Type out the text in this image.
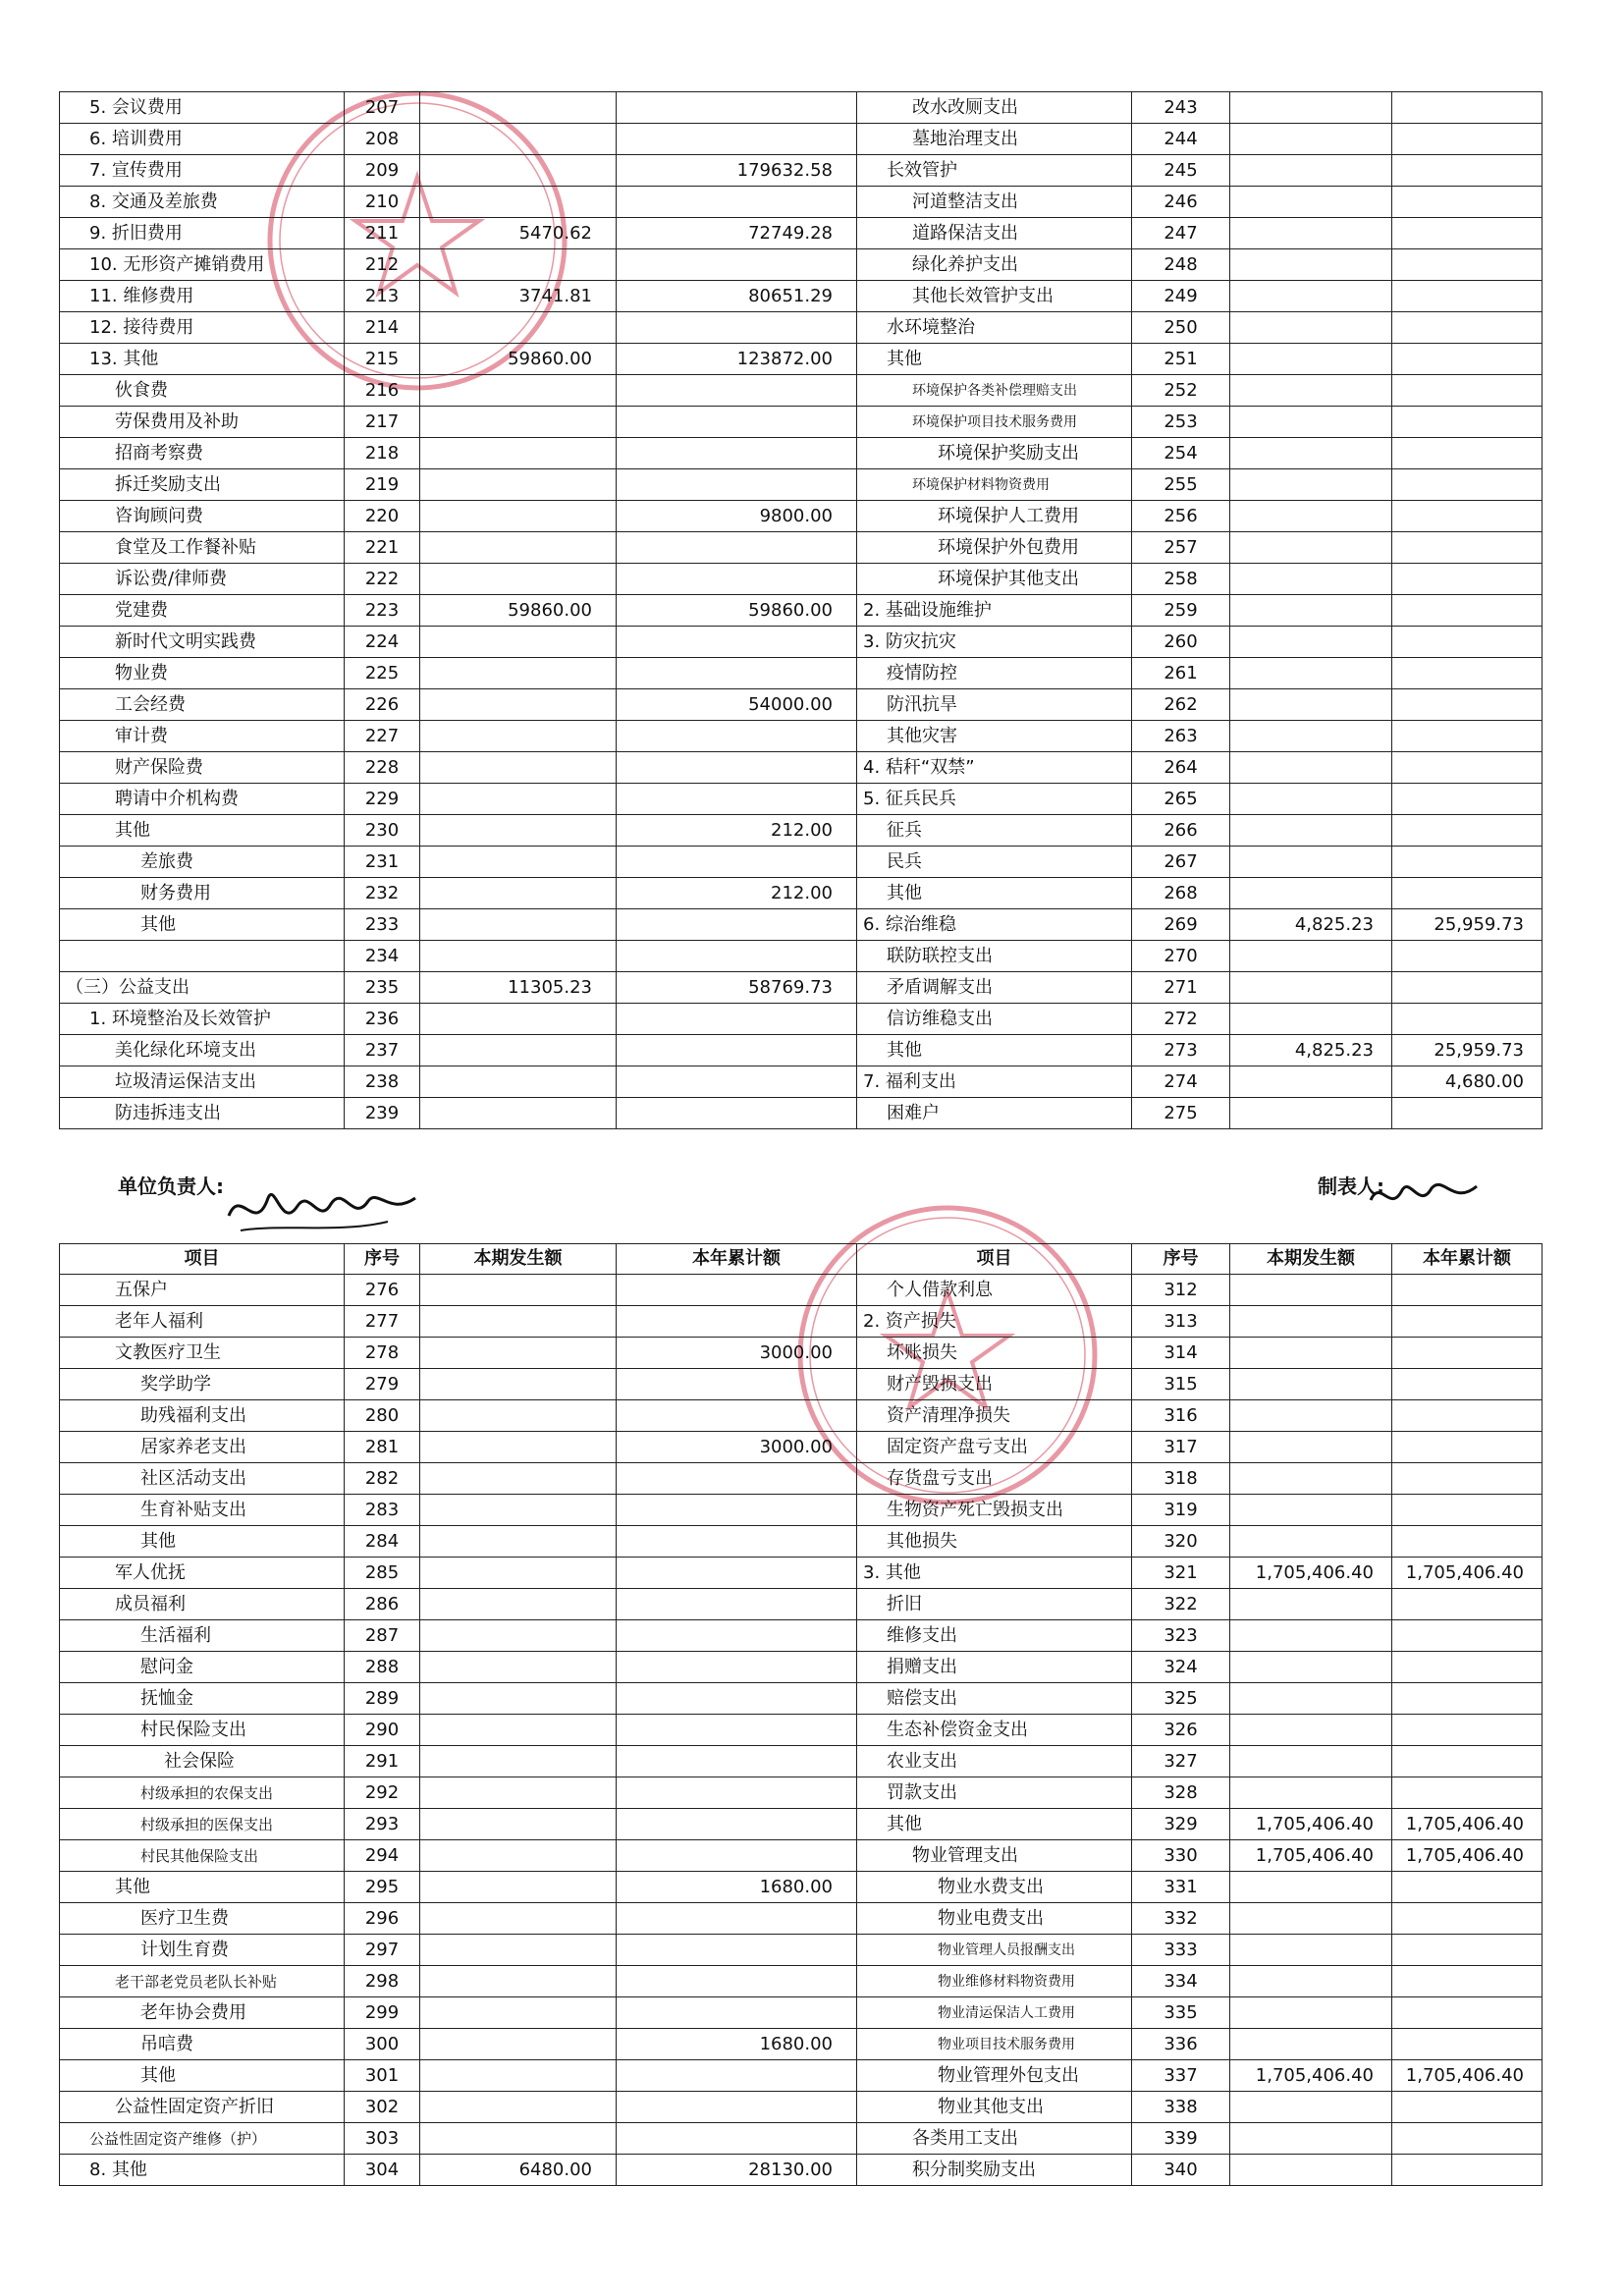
5. 会议费用	207			改水改厕支出	243		
6. 培训费用	208			墓地治理支出	244		
7. 宣传费用	209		179632.58	长效管护	245		
8. 交通及差旅费	210			河道整洁支出	246		
9. 折旧费用	211	5470.62	72749.28	道路保洁支出	247		
10. 无形资产摊销费用	212			绿化养护支出	248		
11. 维修费用	213	3741.81	80651.29	其他长效管护支出	249		
12. 接待费用	214			水环境整治	250		
13. 其他	215	59860.00	123872.00	其他	251		
伙食费	216			环境保护各类补偿理赔支出	252		
劳保费用及补助	217			环境保护项目技术服务费用	253		
招商考察费	218			环境保护奖励支出	254		
拆迁奖励支出	219			环境保护材料物资费用	255		
咨询顾问费	220		9800.00	环境保护人工费用	256		
食堂及工作餐补贴	221			环境保护外包费用	257		
诉讼费/律师费	222			环境保护其他支出	258		
党建费	223	59860.00	59860.00	2. 基础设施维护	259		
新时代文明实践费	224			3. 防灾抗灾	260		
物业费	225			疫情防控	261		
工会经费	226		54000.00	防汛抗旱	262		
审计费	227			其他灾害	263		
财产保险费	228			4. 秸秆“双禁”	264		
聘请中介机构费	229			5. 征兵民兵	265		
其他	230		212.00	征兵	266		
差旅费	231			民兵	267		
财务费用	232		212.00	其他	268		
其他	233			6. 综治维稳	269	4,825.23	25,959.73
	234			联防联控支出	270		
（三）公益支出	235	11305.23	58769.73	矛盾调解支出	271		
1. 环境整治及长效管护	236			信访维稳支出	272		
美化绿化环境支出	237			其他	273	4,825.23	25,959.73
垃圾清运保洁支出	238			7. 福利支出	274		4,680.00
防违拆违支出	239			困难户	275		
单位负责人:	制表人:
项目	序号	本期发生额	本年累计额	项目	序号	本期发生额	本年累计额
五保户	276			个人借款利息	312		
老年人福利	277			2. 资产损失	313		
文教医疗卫生	278		3000.00	坏账损失	314		
奖学助学	279			财产毁损支出	315		
助残福利支出	280			资产清理净损失	316		
居家养老支出	281		3000.00	固定资产盘亏支出	317		
社区活动支出	282			存货盘亏支出	318		
生育补贴支出	283			生物资产死亡毁损支出	319		
其他	284			其他损失	320		
军人优抚	285			3. 其他	321	1,705,406.40	1,705,406.40
成员福利	286			折旧	322		
生活福利	287			维修支出	323		
慰问金	288			捐赠支出	324		
抚恤金	289			赔偿支出	325		
村民保险支出	290			生态补偿资金支出	326		
社会保险	291			农业支出	327		
村级承担的农保支出	292			罚款支出	328		
村级承担的医保支出	293			其他	329	1,705,406.40	1,705,406.40
村民其他保险支出	294			物业管理支出	330	1,705,406.40	1,705,406.40
其他	295		1680.00	物业水费支出	331		
医疗卫生费	296			物业电费支出	332		
计划生育费	297			物业管理人员报酬支出	333		
老干部老党员老队长补贴	298			物业维修材料物资费用	334		
老年协会费用	299			物业清运保洁人工费用	335		
吊唁费	300		1680.00	物业项目技术服务费用	336		
其他	301			物业管理外包支出	337	1,705,406.40	1,705,406.40
公益性固定资产折旧	302			物业其他支出	338		
公益性固定资产维修（护）	303			各类用工支出	339		
8. 其他	304	6480.00	28130.00	积分制奖励支出	340		
